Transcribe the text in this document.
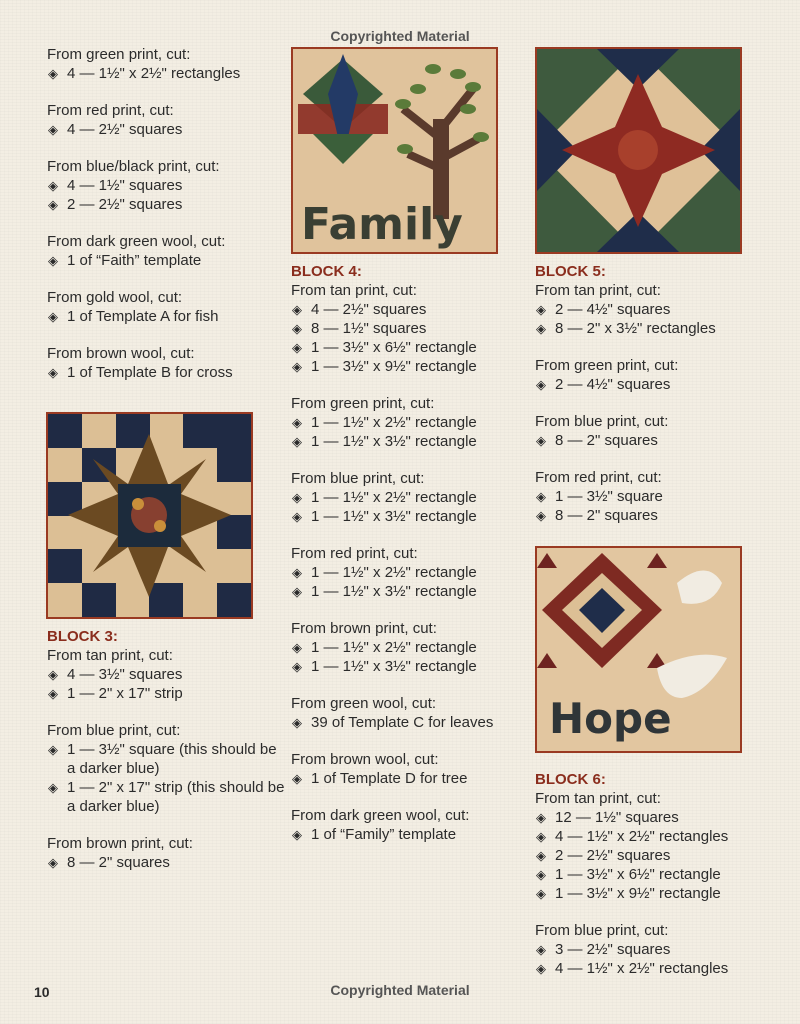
Copyrighted Material
From green print, cut:
◈ 4 — 1½" x 2½" rectangles
From red print, cut:
◈ 4 — 2½" squares
From blue/black print, cut:
◈ 4 — 1½" squares
◈ 2 — 2½" squares
From dark green wool, cut:
◈ 1 of “Faith” template
From gold wool, cut:
◈ 1 of Template A for fish
From brown wool, cut:
◈ 1 of Template B for cross
BLOCK 3:
From tan print, cut:
◈ 4 — 3½" squares
◈ 1 — 2" x 17" strip
From blue print, cut:
◈ 1 — 3½" square (this should be a darker blue)
◈ 1 — 2" x 17" strip (this should be a darker blue)
From brown print, cut:
◈ 8 — 2" squares
Family
BLOCK 4:
From tan print, cut:
◈ 4 — 2½" squares
◈ 8 — 1½" squares
◈ 1 — 3½" x 6½" rectangle
◈ 1 — 3½" x 9½" rectangle
From green print, cut:
◈ 1 — 1½" x 2½" rectangle
◈ 1 — 1½" x 3½" rectangle
From blue print, cut:
◈ 1 — 1½" x 2½" rectangle
◈ 1 — 1½" x 3½" rectangle
From red print, cut:
◈ 1 — 1½" x 2½" rectangle
◈ 1 — 1½" x 3½" rectangle
From brown print, cut:
◈ 1 — 1½" x 2½" rectangle
◈ 1 — 1½" x 3½" rectangle
From green wool, cut:
◈ 39 of Template C for leaves
From brown wool, cut:
◈ 1 of Template D for tree
From dark green wool, cut:
◈ 1 of “Family” template
BLOCK 5:
From tan print, cut:
◈ 2 — 4½" squares
◈ 8 — 2" x 3½" rectangles
From green print, cut:
◈ 2 — 4½" squares
From blue print, cut:
◈ 8 — 2" squares
From red print, cut:
◈ 1 — 3½" square
◈ 8 — 2" squares
Hope
BLOCK 6:
From tan print, cut:
◈ 12 — 1½" squares
◈ 4 — 1½" x 2½" rectangles
◈ 2 — 2½" squares
◈ 1 — 3½" x 6½" rectangle
◈ 1 — 3½" x 9½" rectangle
From blue print, cut:
◈ 3 — 2½" squares
◈ 4 — 1½" x 2½" rectangles
10	Copyrighted Material
